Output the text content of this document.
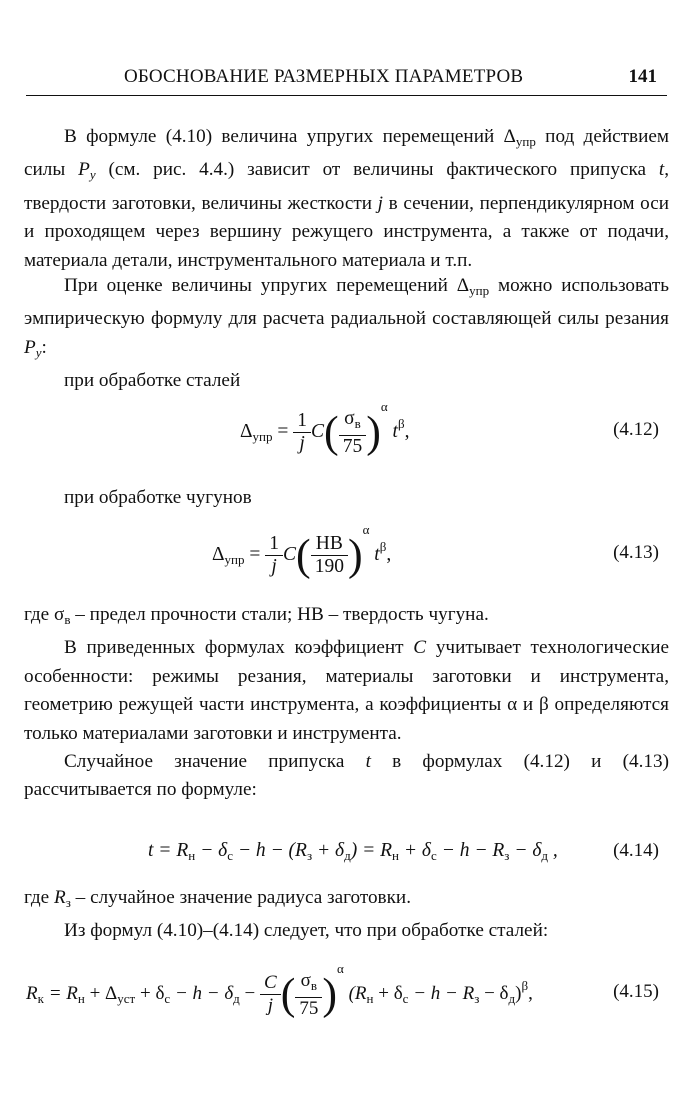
ОБОСНОВАНИЕ РАЗМЕРНЫХ ПАРАМЕТРОВ	141

В формуле (4.10) величина упругих перемещений $\Delta_{упр}$ под действием силы $P_y$ (см. рис. 4.4.) зависит от величины фактического припуска t, твердости заготовки, величины жесткости j в сечении, перпендикулярном оси и проходящем через вершину режущего инструмента, а также от подачи, материала детали, инструментального материала и т.п.

При оценке величины упругих перемещений $\Delta_{упр}$ можно использовать эмпирическую формулу для расчета радиальной составляющей силы резания $P_y$:

при обработке сталей

$\Delta_{упр} = \frac{1}{j} C( \frac{\sigma_в}{75} )^\alpha$ $t^\beta$,	(4.12)

при обработке чугунов

$\Delta_{упр} = \frac{1}{j} C( \frac{HB}{190} )^\alpha$ $t^\beta$,	(4.13)

где $\sigma_в$ – предел прочности стали; HB – твердость чугуна.

В приведенных формулах коэффициент C учитывает технологические особенности: режимы резания, материалы заготовки и инструмента, геометрию режущей части инструмента, а коэффициенты α и β определяются только материалами заготовки и инструмента.

Случайное значение припуска t в формулах (4.12) и (4.13) рассчитывается по формуле:

$t = R_н - \delta_с - h - (R_з + \delta_д) = R_н + \delta_с - h - R_з - \delta_д$ ,	(4.14)

где $R_з$ – случайное значение радиуса заготовки.

Из формул (4.10)–(4.14) следует, что при обработке сталей:

$R_к = R_н + \Delta_{уст} + \delta_с - h - \delta_д - \frac{C}{j}$ ( $\frac{\sigma_в}{75} )^\alpha$ $(R_н + \delta_с - h - R_з - \delta_д)^\beta$,	(4.15)
